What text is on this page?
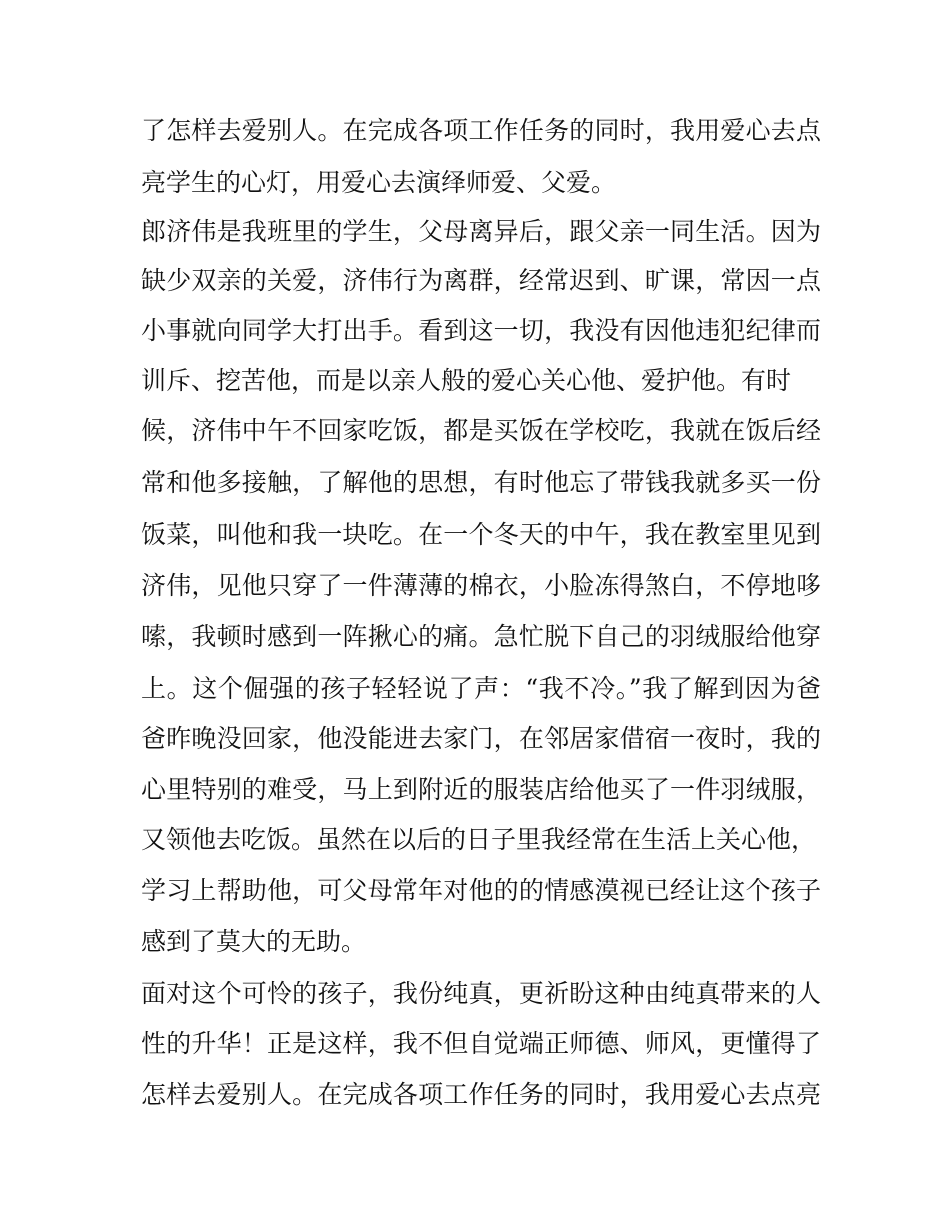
了怎样去爱别人。在完成各项工作任务的同时，我用爱心去点
亮学生的心灯，用爱心去演绎师爱、父爱。
郎济伟是我班里的学生，父母离异后，跟父亲一同生活。因为
缺少双亲的关爱，济伟行为离群，经常迟到、旷课，常因一点
小事就向同学大打出手。看到这一切，我没有因他违犯纪律而
训斥、挖苦他，而是以亲人般的爱心关心他、爱护他。有时
候，济伟中午不回家吃饭，都是买饭在学校吃，我就在饭后经
常和他多接触，了解他的思想，有时他忘了带钱我就多买一份
饭菜，叫他和我一块吃。在一个冬天的中午，我在教室里见到
济伟，见他只穿了一件薄薄的棉衣，小脸冻得煞白，不停地哆
嗦，我顿时感到一阵揪心的痛。急忙脱下自己的羽绒服给他穿
上。这个倔强的孩子轻轻说了声：“我不冷。”我了解到因为爸
爸昨晚没回家，他没能进去家门，在邻居家借宿一夜时，我的
心里特别的难受，马上到附近的服装店给他买了一件羽绒服，
又领他去吃饭。虽然在以后的日子里我经常在生活上关心他，
学习上帮助他，可父母常年对他的的情感漠视已经让这个孩子
感到了莫大的无助。
面对这个可怜的孩子，我份纯真，更祈盼这种由纯真带来的人
性的升华！正是这样，我不但自觉端正师德、师风，更懂得了
怎样去爱别人。在完成各项工作任务的同时，我用爱心去点亮
